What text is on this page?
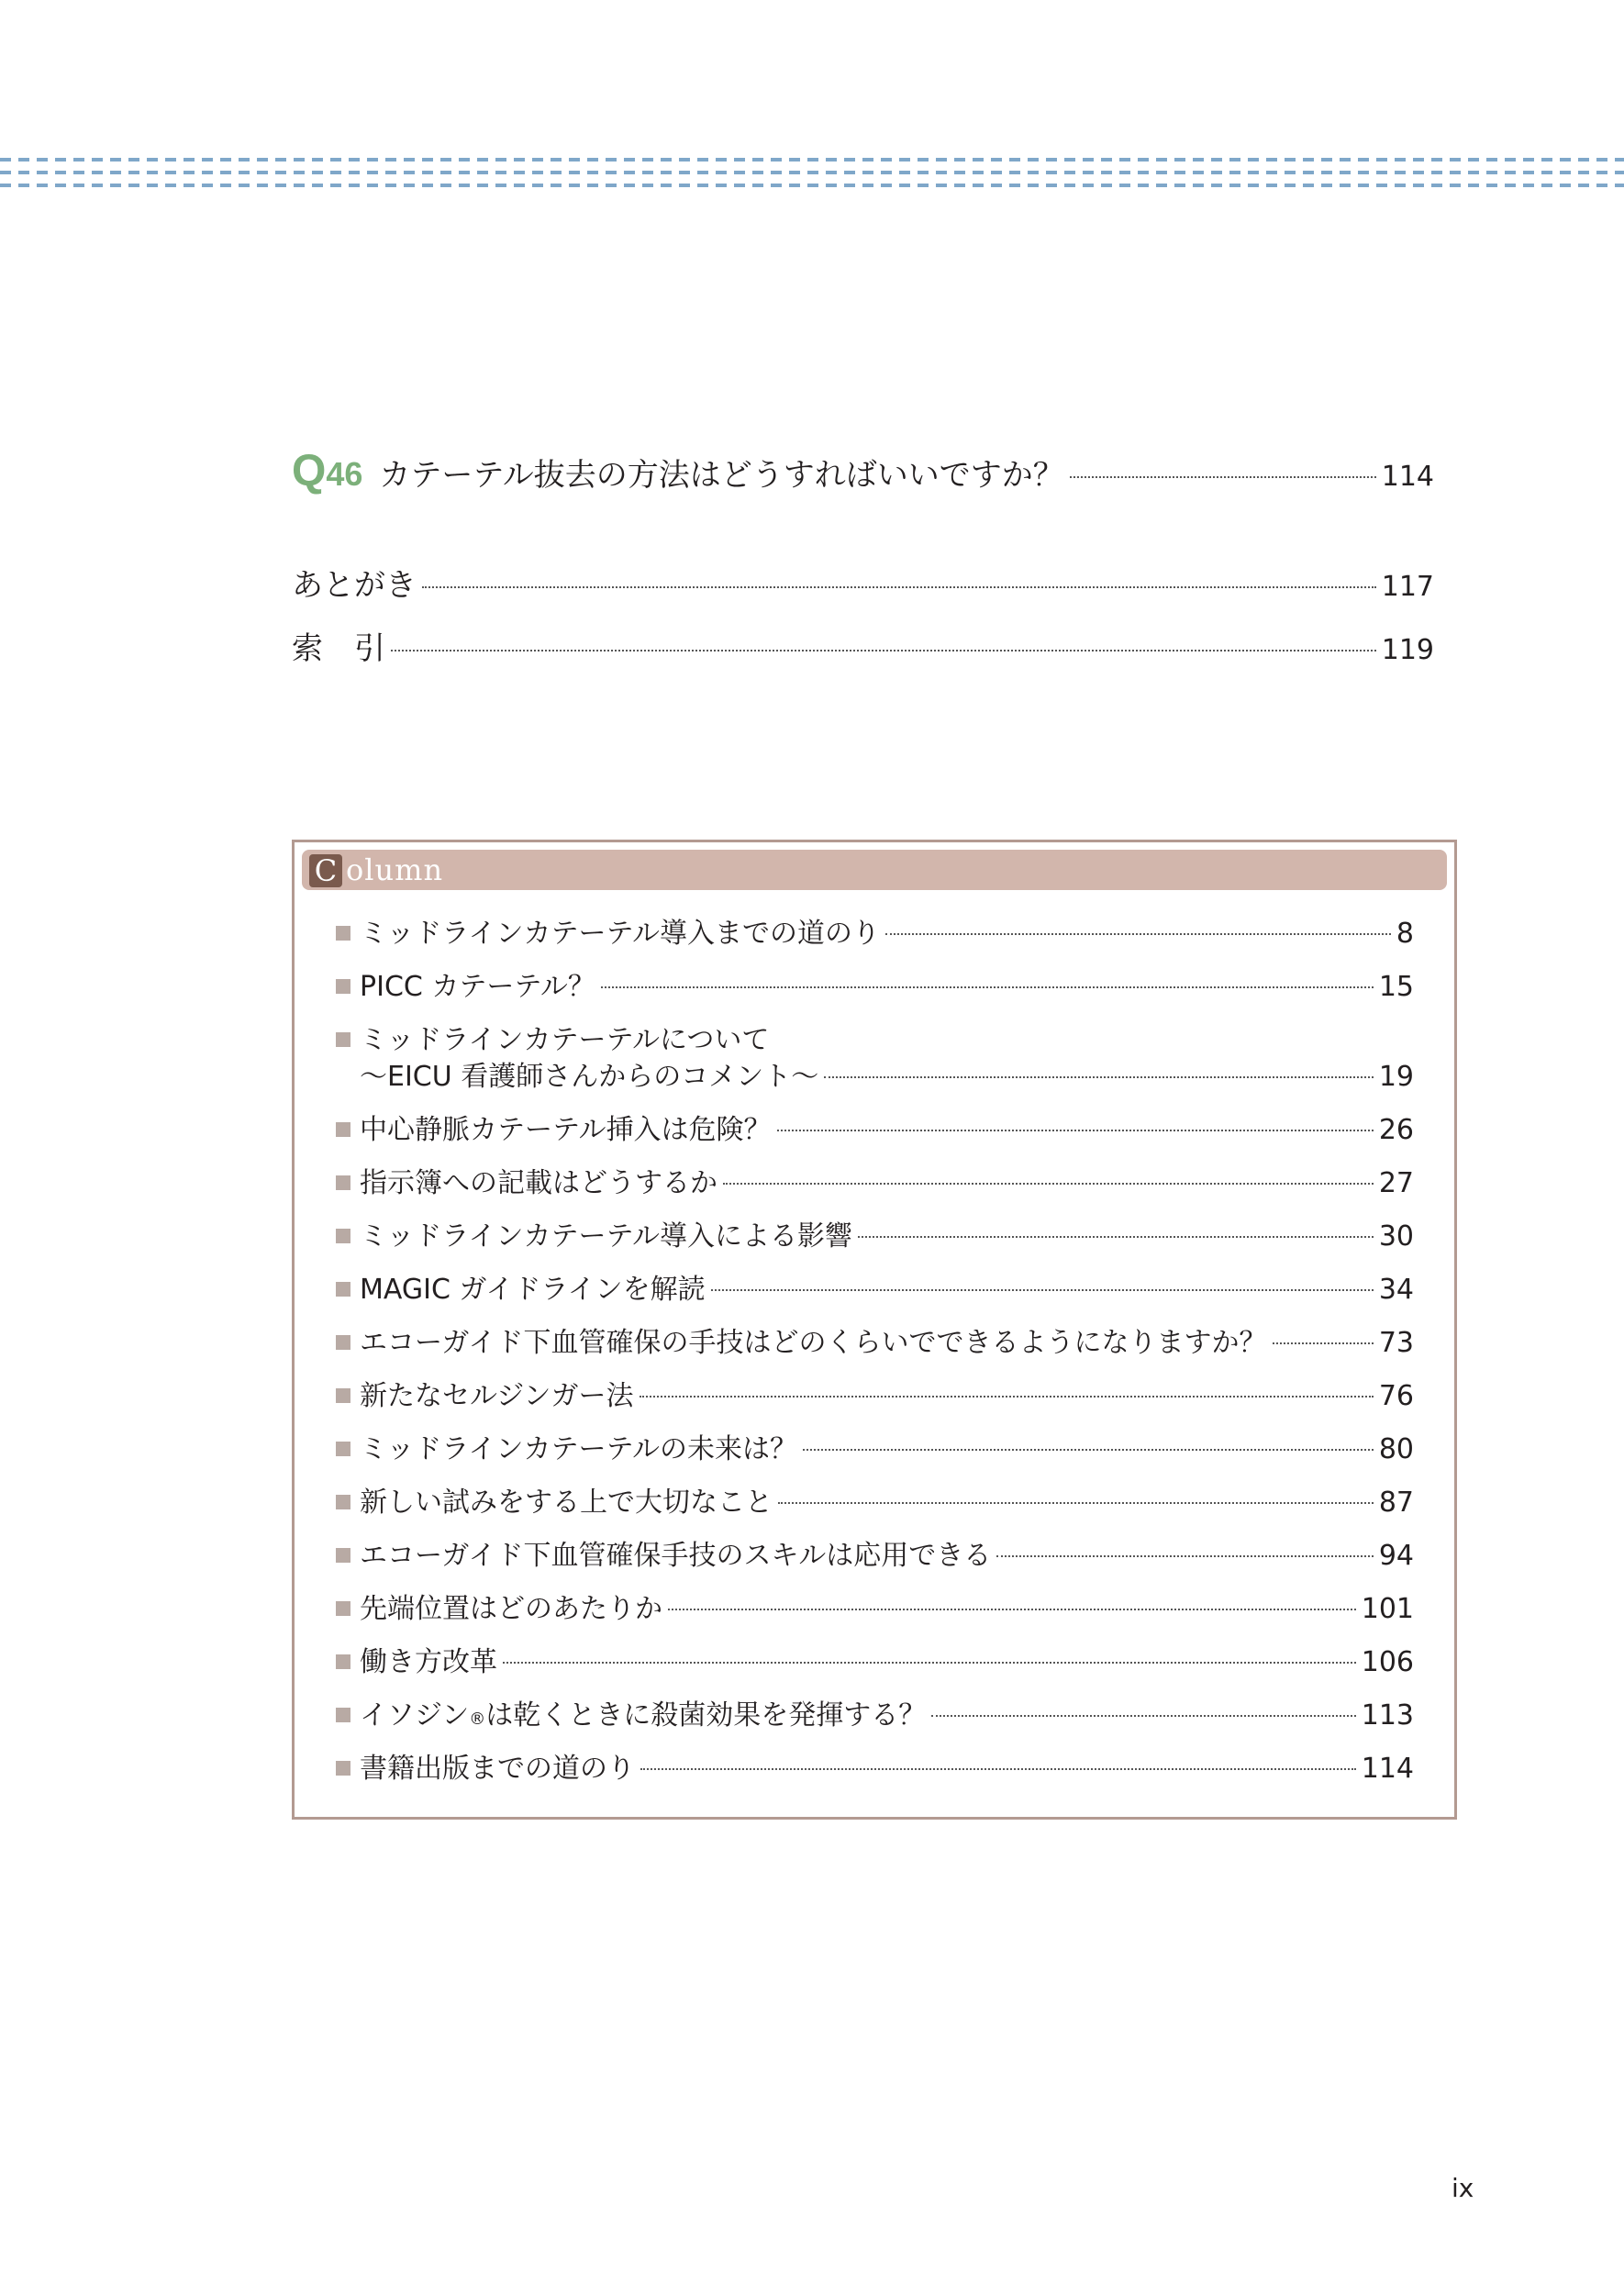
Q 46 カテーテル抜去の方法はどうすればいいですか？	114
あとがき	117
索　引	119
C olumn
ミッドラインカテーテル導入までの道のり	8
PICC カテーテル？	15
ミッドラインカテーテルについて
〜EICU 看護師さんからのコメント〜	19
中心静脈カテーテル挿入は危険？	26
指示簿への記載はどうするか	27
ミッドラインカテーテル導入による影響	30
MAGIC ガイドラインを解読	34
エコーガイド下血管確保の手技はどのくらいでできるようになりますか？	73
新たなセルジンガー法	76
ミッドラインカテーテルの未来は？	80
新しい試みをする上で大切なこと	87
エコーガイド下血管確保手技のスキルは応用できる	94
先端位置はどのあたりか	101
働き方改革	106
イソジン ® は乾くときに殺菌効果を発揮する？	113
書籍出版までの道のり	114
ix
